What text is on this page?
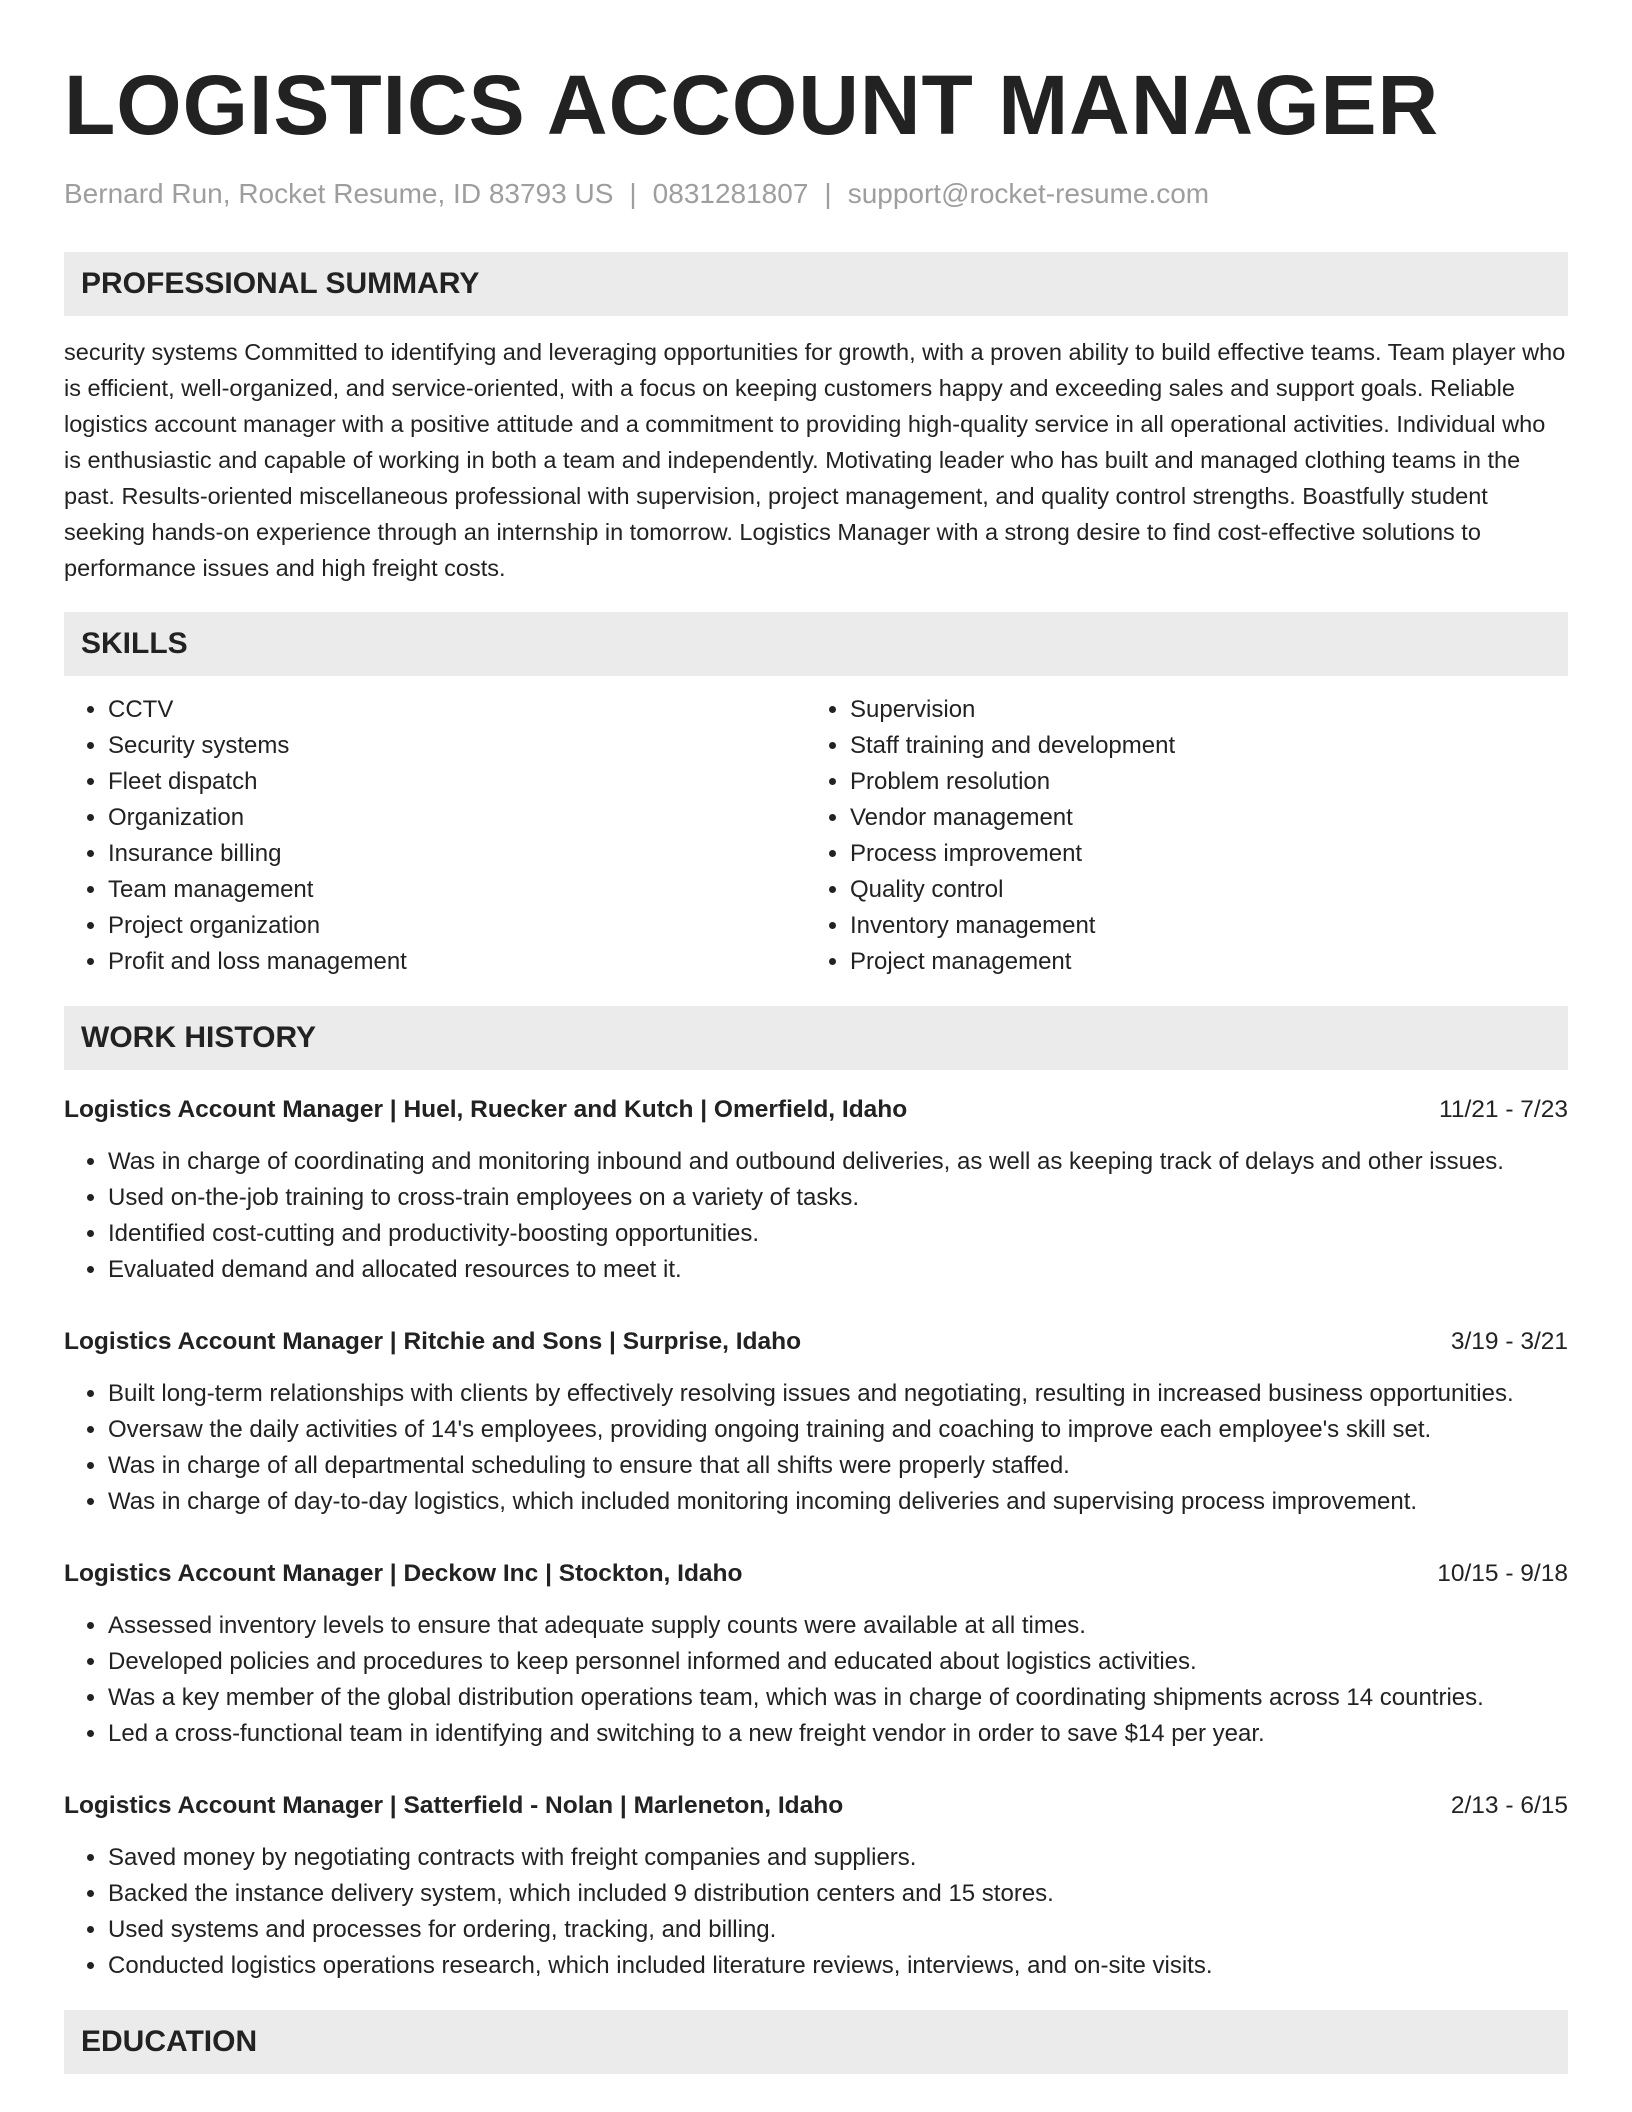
LOGISTICS ACCOUNT MANAGER
Bernard Run, Rocket Resume, ID 83793 US | 0831281807 | support@rocket-resume.com
PROFESSIONAL SUMMARY

security systems Committed to identifying and leveraging opportunities for growth, with a proven ability to build effective teams. Team player who is efficient, well-organized, and service-oriented, with a focus on keeping customers happy and exceeding sales and support goals. Reliable logistics account manager with a positive attitude and a commitment to providing high-quality service in all operational activities. Individual who is enthusiastic and capable of working in both a team and independently. Motivating leader who has built and managed clothing teams in the past. Results-oriented miscellaneous professional with supervision, project management, and quality control strengths. Boastfully student seeking hands-on experience through an internship in tomorrow. Logistics Manager with a strong desire to find cost-effective solutions to performance issues and high freight costs.

SKILLS
• CCTV
• Security systems
• Fleet dispatch
• Organization
• Insurance billing
• Team management
• Project organization
• Profit and loss management
• Supervision
• Staff training and development
• Problem resolution
• Vendor management
• Process improvement
• Quality control
• Inventory management
• Project management
WORK HISTORY
Logistics Account Manager | Huel, Ruecker and Kutch | Omerfield, Idaho	11/21 - 7/23
• Was in charge of coordinating and monitoring inbound and outbound deliveries, as well as keeping track of delays and other issues.
• Used on-the-job training to cross-train employees on a variety of tasks.
• Identified cost-cutting and productivity-boosting opportunities.
• Evaluated demand and allocated resources to meet it.
Logistics Account Manager | Ritchie and Sons | Surprise, Idaho	3/19 - 3/21
• Built long-term relationships with clients by effectively resolving issues and negotiating, resulting in increased business opportunities.
• Oversaw the daily activities of 14's employees, providing ongoing training and coaching to improve each employee's skill set.
• Was in charge of all departmental scheduling to ensure that all shifts were properly staffed.
• Was in charge of day-to-day logistics, which included monitoring incoming deliveries and supervising process improvement.
Logistics Account Manager | Deckow Inc | Stockton, Idaho	10/15 - 9/18
• Assessed inventory levels to ensure that adequate supply counts were available at all times.
• Developed policies and procedures to keep personnel informed and educated about logistics activities.
• Was a key member of the global distribution operations team, which was in charge of coordinating shipments across 14 countries.
• Led a cross-functional team in identifying and switching to a new freight vendor in order to save $14 per year.
Logistics Account Manager | Satterfield - Nolan | Marleneton, Idaho	2/13 - 6/15
• Saved money by negotiating contracts with freight companies and suppliers.
• Backed the instance delivery system, which included 9 distribution centers and 15 stores.
• Used systems and processes for ordering, tracking, and billing.
• Conducted logistics operations research, which included literature reviews, interviews, and on-site visits.
EDUCATION
